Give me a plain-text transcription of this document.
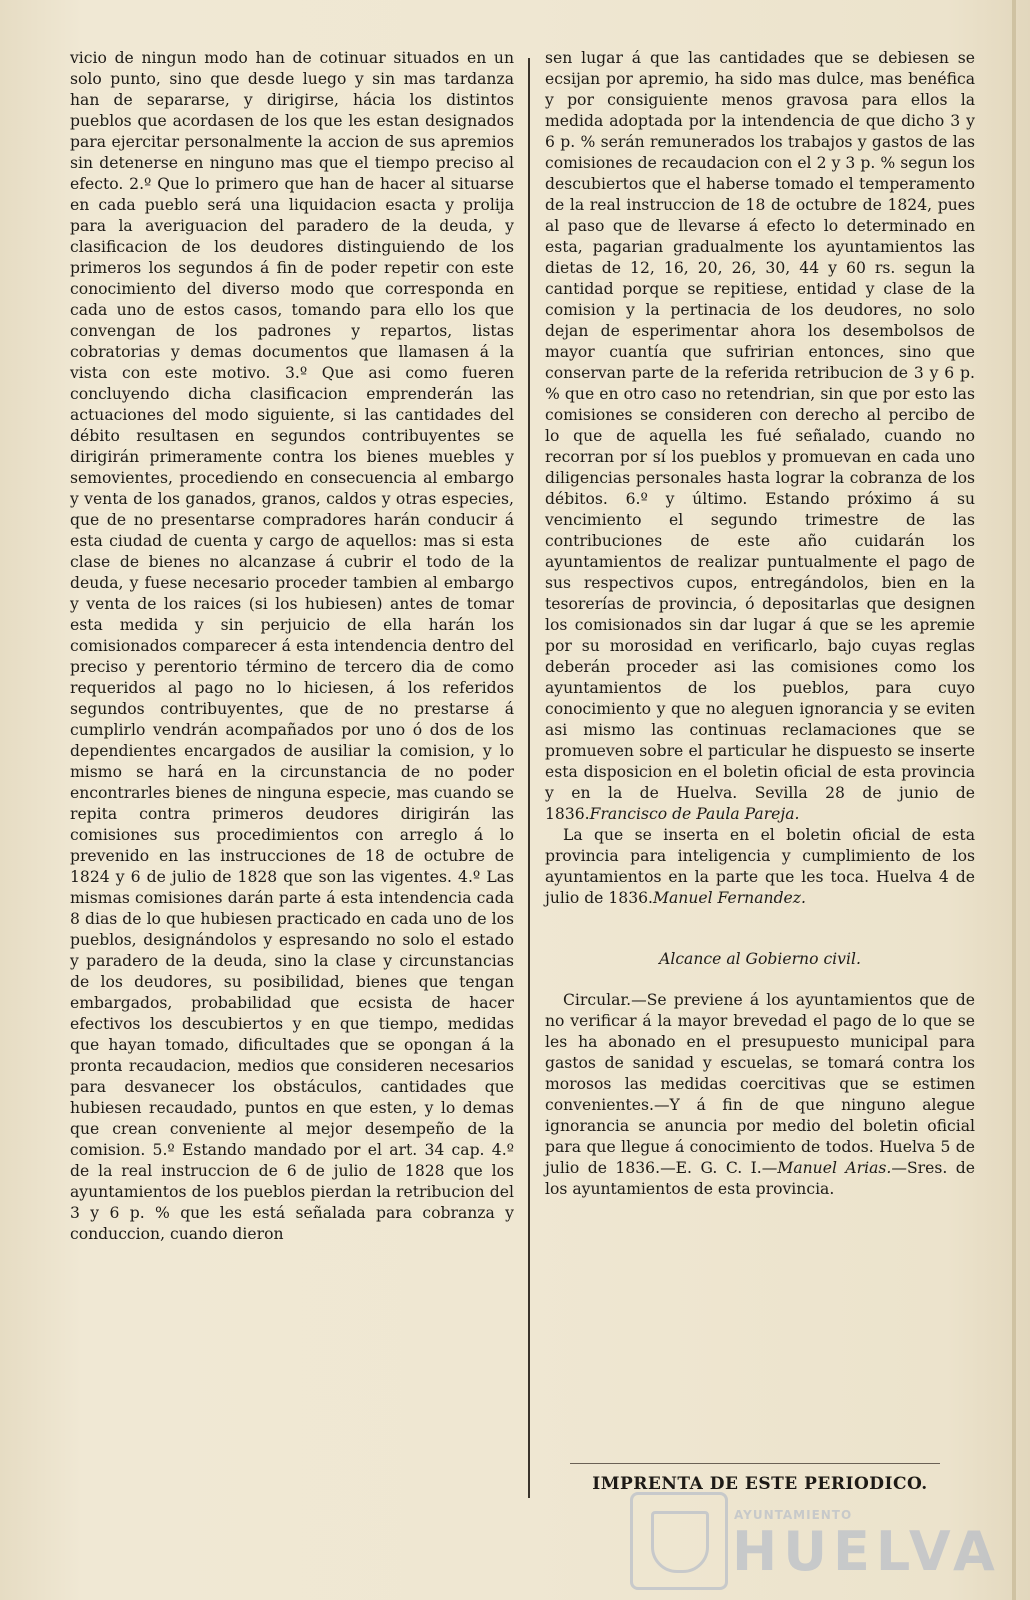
vicio de ningun modo han de cotinuar situados en un solo punto, sino que desde luego y sin mas tardanza han de separarse, y dirigirse, hácia los distintos pueblos que acordasen de los que les estan designados para ejercitar personalmente la accion de sus apremios sin detenerse en ninguno mas que el tiempo preciso al efecto. 2.º Que lo primero que han de hacer al situarse en cada pueblo será una liquidacion esacta y prolija para la averiguacion del paradero de la deuda, y clasificacion de los deudores distinguiendo de los primeros los segundos á fin de poder repetir con este conocimiento del diverso modo que corresponda en cada uno de estos casos, tomando para ello los que convengan de los padrones y repartos, listas cobratorias y demas documentos que llamasen á la vista con este motivo. 3.º Que asi como fueren concluyendo dicha clasificacion emprenderán las actuaciones del modo siguiente, si las cantidades del débito resultasen en segundos contribuyentes se dirigirán primeramente contra los bienes muebles y semovientes, procediendo en consecuencia al embargo y venta de los ganados, granos, caldos y otras especies, que de no presentarse compradores harán conducir á esta ciudad de cuenta y cargo de aquellos: mas si esta clase de bienes no alcanzase á cubrir el todo de la deuda, y fuese necesario proceder tambien al embargo y venta de los raices (si los hubiesen) antes de tomar esta medida y sin perjuicio de ella harán los comisionados comparecer á esta intendencia dentro del preciso y perentorio término de tercero dia de como requeridos al pago no lo hiciesen, á los referidos segundos contribuyentes, que de no prestarse á cumplirlo vendrán acompañados por uno ó dos de los dependientes encargados de ausiliar la comision, y lo mismo se hará en la circunstancia de no poder encontrarles bienes de ninguna especie, mas cuando se repita contra primeros deudores dirigirán las comisiones sus procedimientos con arreglo á lo prevenido en las instrucciones de 18 de octubre de 1824 y 6 de julio de 1828 que son las vigentes. 4.º Las mismas comisiones darán parte á esta intendencia cada 8 dias de lo que hubiesen practicado en cada uno de los pueblos, designándolos y espresando no solo el estado y paradero de la deuda, sino la clase y circunstancias de los deudores, su posibilidad, bienes que tengan embargados, probabilidad que ecsista de hacer efectivos los descubiertos y en que tiempo, medidas que hayan tomado, dificultades que se opongan á la pronta recaudacion, medios que consideren necesarios para desvanecer los obstáculos, cantidades que hubiesen recaudado, puntos en que esten, y lo demas que crean conveniente al mejor desempeño de la comision. 5.º Estando mandado por el art. 34 cap. 4.º de la real instruccion de 6 de julio de 1828 que los ayuntamientos de los pueblos pierdan la retribucion del 3 y 6 p. % que les está señalada para cobranza y conduccion, cuando dieron

sen lugar á que las cantidades que se debiesen se ecsijan por apremio, ha sido mas dulce, mas benéfica y por consiguiente menos gravosa para ellos la medida adoptada por la intendencia de que dicho 3 y 6 p. % serán remunerados los trabajos y gastos de las comisiones de recaudacion con el 2 y 3 p. % segun los descubiertos que el haberse tomado el temperamento de la real instruccion de 18 de octubre de 1824, pues al paso que de llevarse á efecto lo determinado en esta, pagarian gradualmente los ayuntamientos las dietas de 12, 16, 20, 26, 30, 44 y 60 rs. segun la cantidad porque se repitiese, entidad y clase de la comision y la pertinacia de los deudores, no solo dejan de esperimentar ahora los desembolsos de mayor cuantía que sufririan entonces, sino que conservan parte de la referida retribucion de 3 y 6 p. % que en otro caso no retendrian, sin que por esto las comisiones se consideren con derecho al percibo de lo que de aquella les fué señalado, cuando no recorran por sí los pueblos y promuevan en cada uno diligencias personales hasta lograr la cobranza de los débitos. 6.º y último. Estando próximo á su vencimiento el segundo trimestre de las contribuciones de este año cuidarán los ayuntamientos de realizar puntualmente el pago de sus respectivos cupos, entregándolos, bien en la tesorerías de provincia, ó depositarlas que designen los comisionados sin dar lugar á que se les apremie por su morosidad en verificarlo, bajo cuyas reglas deberán proceder asi las comisiones como los ayuntamientos de los pueblos, para cuyo conocimiento y que no aleguen ignorancia y se eviten asi mismo las continuas reclamaciones que se promueven sobre el particular he dispuesto se inserte esta disposicion en el boletin oficial de esta provincia y en la de Huelva. Sevilla 28 de junio de 1836.Francisco de Paula Pareja.

La que se inserta en el boletin oficial de esta provincia para inteligencia y cumplimiento de los ayuntamientos en la parte que les toca. Huelva 4 de julio de 1836.Manuel Fernandez.

Alcance al Gobierno civil.

Circular.—Se previene á los ayuntamientos que de no verificar á la mayor brevedad el pago de lo que se les ha abonado en el presupuesto municipal para gastos de sanidad y escuelas, se tomará contra los morosos las medidas coercitivas que se estimen convenientes.—Y á fin de que ninguno alegue ignorancia se anuncia por medio del boletin oficial para que llegue á conocimiento de todos. Huelva 5 de julio de 1836.—E. G. C. I.—Manuel Arias.—Sres. de los ayuntamientos de esta provincia.

IMPRENTA DE ESTE PERIODICO.
AYUNTAMIENTO
HUELVA
